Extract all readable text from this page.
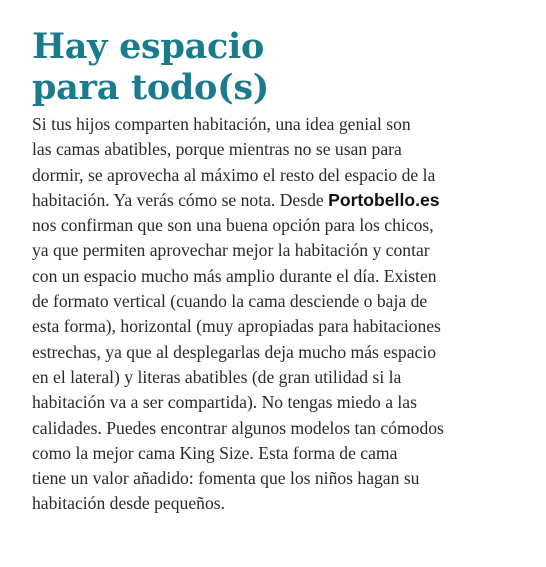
Hay espacio
para todo(s)

Si tus hijos comparten habitación, una idea genial son
las camas abatibles, porque mientras no se usan para
dormir, se aprovecha al máximo el resto del espacio de la
habitación. Ya verás cómo se nota. Desde Portobello.es
nos confirman que son una buena opción para los chicos,
ya que permiten aprovechar mejor la habitación y contar
con un espacio mucho más amplio durante el día. Existen
de formato vertical (cuando la cama desciende o baja de
esta forma), horizontal (muy apropiadas para habitaciones
estrechas, ya que al desplegarlas deja mucho más espacio
en el lateral) y literas abatibles (de gran utilidad si la
habitación va a ser compartida). No tengas miedo a las
calidades. Puedes encontrar algunos modelos tan cómodos
como la mejor cama King Size. Esta forma de cama
tiene un valor añadido: fomenta que los niños hagan su
habitación desde pequeños.
